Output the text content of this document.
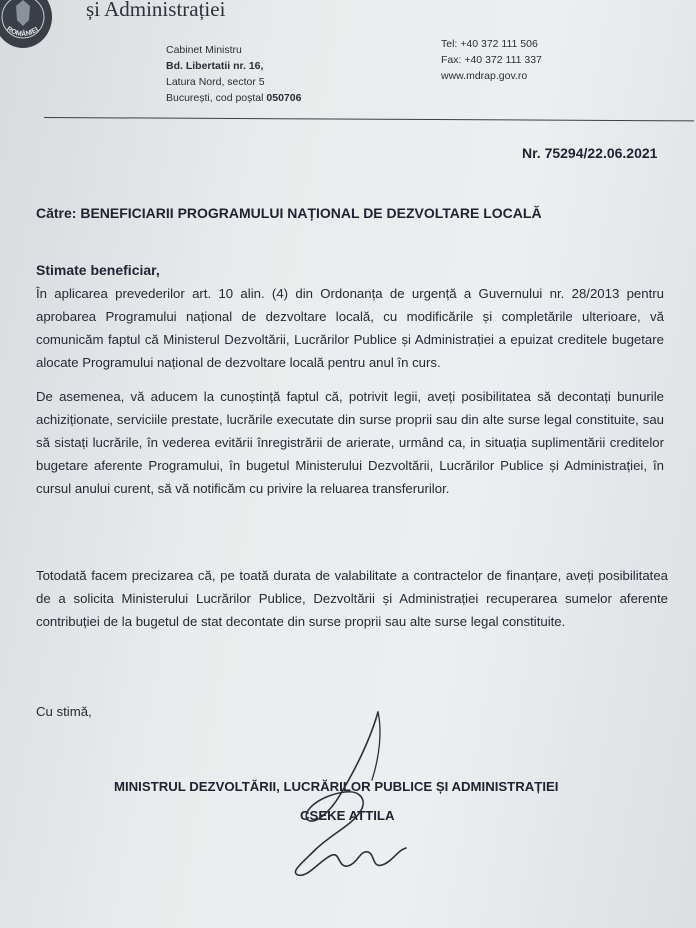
ROMÂNIEI
și Administrației
Cabinet Ministru
Bd. Libertatii nr. 16,
Latura Nord, sector 5
București, cod poștal 050706
Tel: +40 372 111 506
Fax: +40 372 111 337
www.mdrap.gov.ro
Nr. 75294/22.06.2021
Către: BENEFICIARII PROGRAMULUI NAȚIONAL DE DEZVOLTARE LOCALĂ
Stimate beneficiar,
În aplicarea prevederilor art. 10 alin. (4) din Ordonanța de urgență a Guvernului nr. 28/2013 pentru aprobarea Programului național de dezvoltare locală, cu modificările și completările ulterioare, vă comunicăm faptul că Ministerul Dezvoltării, Lucrărilor Publice și Administrației a epuizat creditele bugetare alocate Programului național de dezvoltare locală pentru anul în curs.
De asemenea, vă aducem la cunoștință faptul că, potrivit legii, aveți posibilitatea să decontați bunurile achiziționate, serviciile prestate, lucrările executate din surse proprii sau din alte surse legal constituite, sau să sistați lucrările, în vederea evitării înregistrării de arierate, urmând ca, in situația suplimentării creditelor bugetare aferente Programului, în bugetul Ministerului Dezvoltării, Lucrărilor Publice și Administrației, în cursul anului curent, să vă notificăm cu privire la reluarea transferurilor.
Totodată facem precizarea că, pe toată durata de valabilitate a contractelor de finanțare, aveți posibilitatea de a solicita Ministerului Lucrărilor Publice, Dezvoltării și Administrației recuperarea sumelor aferente contribuției de la bugetul de stat decontate din surse proprii sau alte surse legal constituite.
Cu stimă,
MINISTRUL DEZVOLTĂRII, LUCRĂRILOR PUBLICE ȘI ADMINISTRAȚIEI
CSEKE ATTILA
